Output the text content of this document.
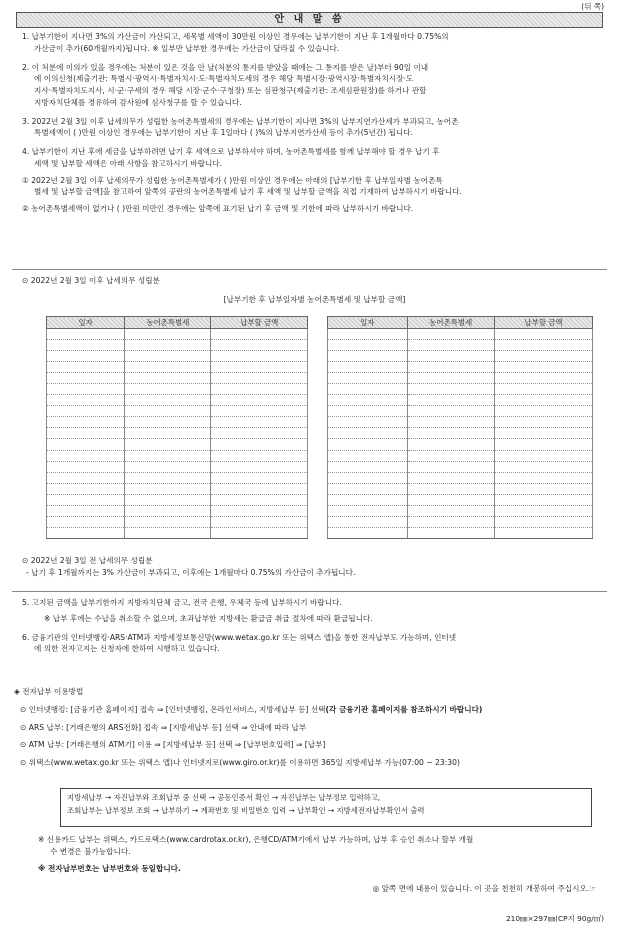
(뒤 쪽)
안 내 말 씀

1. 납부기한이 지나면 3%의 가산금이 가산되고, 세목별 세액이 30만원 이상인 경우에는 납부기한이 지난 후 1개월마다 0.75%의

가산금이 추가(60개월까지)됩니다. ※ 일부만 납부한 경우에는 가산금이 달라질 수 있습니다.

2. 이 처분에 이의가 있을 경우에는 처분이 있은 것을 안 날(처분의 통지를 받았을 때에는 그 통지를 받은 날)부터 90일 이내

에 이의신청(제출기관: 특별시·광역시·특별자치시·도·특별자치도세의 경우 해당 특별시장·광역시장·특별자치시장·도

지사·특별자치도지사, 시·군·구세의 경우 해당 시장·군수·구청장) 또는 심판청구(제출기관: 조세심판원장)를 하거나 관할

지방자치단체를 경유하여 감사원에 심사청구를 할 수 있습니다.

3. 2022년 2월 3일 이후 납세의무가 성립한 농어촌특별세의 경우에는 납부기한이 지나면 3%의 납부지연가산세가 부과되고, 농어촌

특별세액이 ( )만원 이상인 경우에는 납부기한이 지난 후 1일마다 ( )%의 납부지연가산세 등이 추가(5년간) 됩니다.

4. 납부기한이 지난 후에 세금을 납부하려면 납기 후 세액으로 납부하셔야 하며, 농어촌특별세를 함께 납부해야 할 경우 납기 후

세액 및 납부할 세액은 아래 사항을 참고하시기 바랍니다.

① 2022년 2월 3일 이후 납세의무가 성립한 농어촌특별세가 ( )만원 이상인 경우에는 아래의 [납부기한 후 납부일자별 농어촌특

별세 및 납부할 금액]을 참고하여 앞쪽의 공란의 농어촌특별세 납기 후 세액 및 납부할 금액을 직접 기재하여 납부하시기 바랍니다.

② 농어촌특별세액이 없거나 ( )만원 미만인 경우에는 앞쪽에 표기된 납기 후 금액 및 기한에 따라 납부하시기 바랍니다.

⊙ 2022년 2월 3일 이후 납세의무 성립분

[납부기한 후 납부일자별 농어촌특별세 및 납부할 금액]

일자	농어촌특별세	납부할 금액

			일자	농어촌특별세	납부할 금액

⊙ 2022년 2월 3일 전 납세의무 성립분

- 납기 후 1개월까지는 3% 가산금이 부과되고, 이후에는 1개월마다 0.75%의 가산금이 추가됩니다.

5. 고지된 금액을 납부기한까지 지방자치단체 금고, 전국 은행, 우체국 등에 납부하시기 바랍니다.

※ 납부 후에는 수납을 취소할 수 없으며, 초과납부한 지방세는 환급금 취급 절차에 따라 환급됩니다.

6. 금융기관의 인터넷뱅킹·ARS·ATM과 지방세정보통신망(www.wetax.go.kr 또는 위택스 앱)을 통한 전자납부도 가능하며, 인터넷

에 의한 전자고지는 신청자에 한하여 시행하고 있습니다.

◈ 전자납부 이용방법

⊙ 인터넷뱅킹: [금융기관 홈페이지] 접속 ⇒ [인터넷뱅킹, 온라인서비스, 지방세납부 등] 선택(각 금융기관 홈페이지를 참조하시기 바랍니다)

⊙ ARS 납부: [거래은행의 ARS전화] 접속 ⇒ [지방세납부 등] 선택 ⇒ 안내에 따라 납부

⊙ ATM 납부: [거래은행의 ATM기] 이용 ⇒ [지방세납부 등] 선택 ⇒ [납부번호입력] ⇒ [납부]

⊙ 위택스(www.wetax.go.kr 또는 위택스 앱)나 인터넷지로(www.giro.or.kr)를 이용하면 365일 지방세납부 가능(07:00 ~ 23:30)

지방세납부 → 자진납부와 조회납부 중 선택 → 공동인증서 확인 → 자진납부는 납부정보 입력하고,

조회납부는 납부정보 조회 → 납부하기 → 계좌번호 및 비밀번호 입력 → 납부확인 → 지방세전자납부확인서 출력

※ 신용카드 납부는 위택스, 카드로택스(www.cardrotax.or.kr), 은행CD/ATM기에서 납부 가능하며, 납부 후 승인 취소나 할부 개월

수 변경은 불가능합니다.

※ 전자납부번호는 납부번호와 동일합니다.

◎ 앞쪽 면에 내용이 있습니다. 이 곳을 천천히 개봉하여 주십시오.☞
210㎜×297㎜(CP지 90g/㎡)
